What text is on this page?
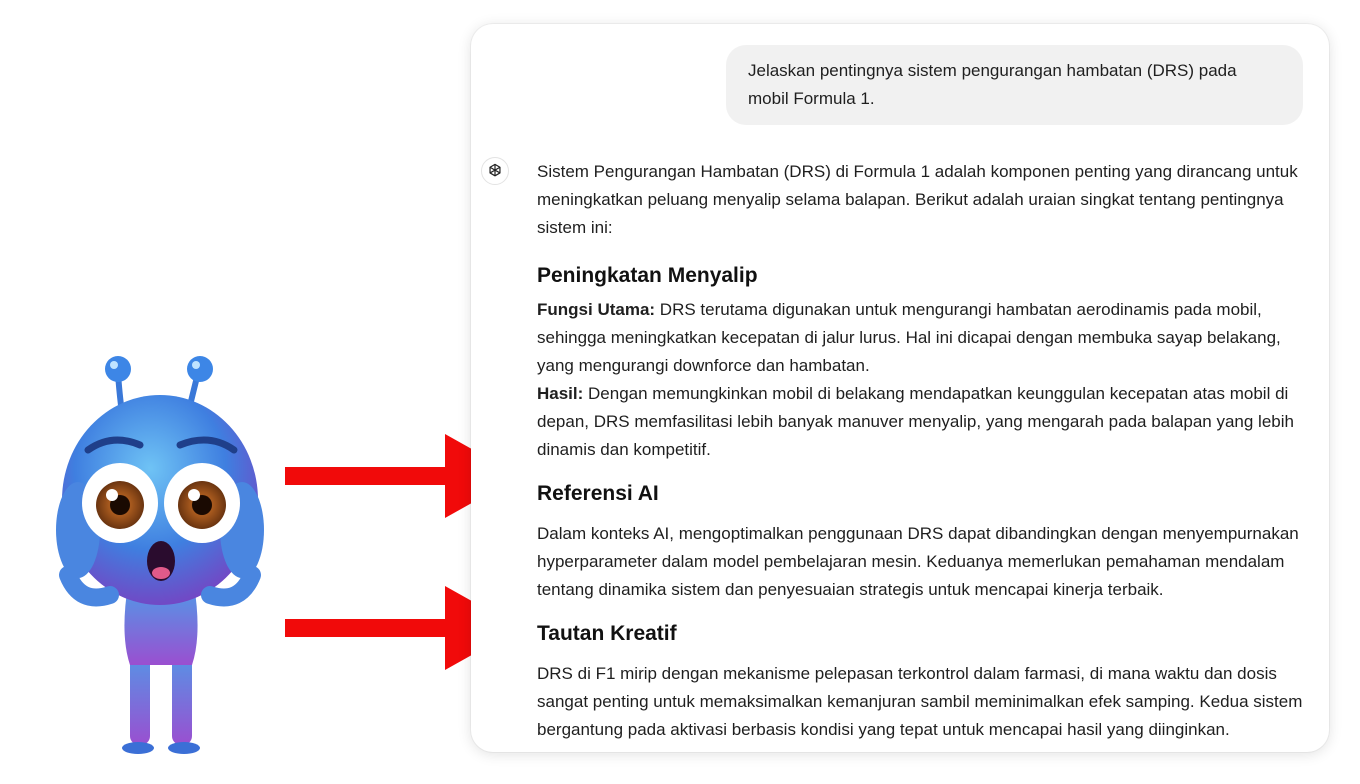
Jelaskan pentingnya sistem pengurangan hambatan (DRS) pada mobil Formula 1.

Sistem Pengurangan Hambatan (DRS) di Formula 1 adalah komponen penting yang dirancang untuk meningkatkan peluang menyalip selama balapan. Berikut adalah uraian singkat tentang pentingnya sistem ini:

Peningkatan Menyalip

Fungsi Utama: DRS terutama digunakan untuk mengurangi hambatan aerodinamis pada mobil, sehingga meningkatkan kecepatan di jalur lurus. Hal ini dicapai dengan membuka sayap belakang, yang mengurangi downforce dan hambatan.

Hasil: Dengan memungkinkan mobil di belakang mendapatkan keunggulan kecepatan atas mobil di depan, DRS memfasilitasi lebih banyak manuver menyalip, yang mengarah pada balapan yang lebih dinamis dan kompetitif.

Referensi AI

Dalam konteks AI, mengoptimalkan penggunaan DRS dapat dibandingkan dengan menyempurnakan hyperparameter dalam model pembelajaran mesin. Keduanya memerlukan pemahaman mendalam tentang dinamika sistem dan penyesuaian strategis untuk mencapai kinerja terbaik.

Tautan Kreatif

DRS di F1 mirip dengan mekanisme pelepasan terkontrol dalam farmasi, di mana waktu dan dosis sangat penting untuk memaksimalkan kemanjuran sambil meminimalkan efek samping. Kedua sistem bergantung pada aktivasi berbasis kondisi yang tepat untuk mencapai hasil yang diinginkan.
